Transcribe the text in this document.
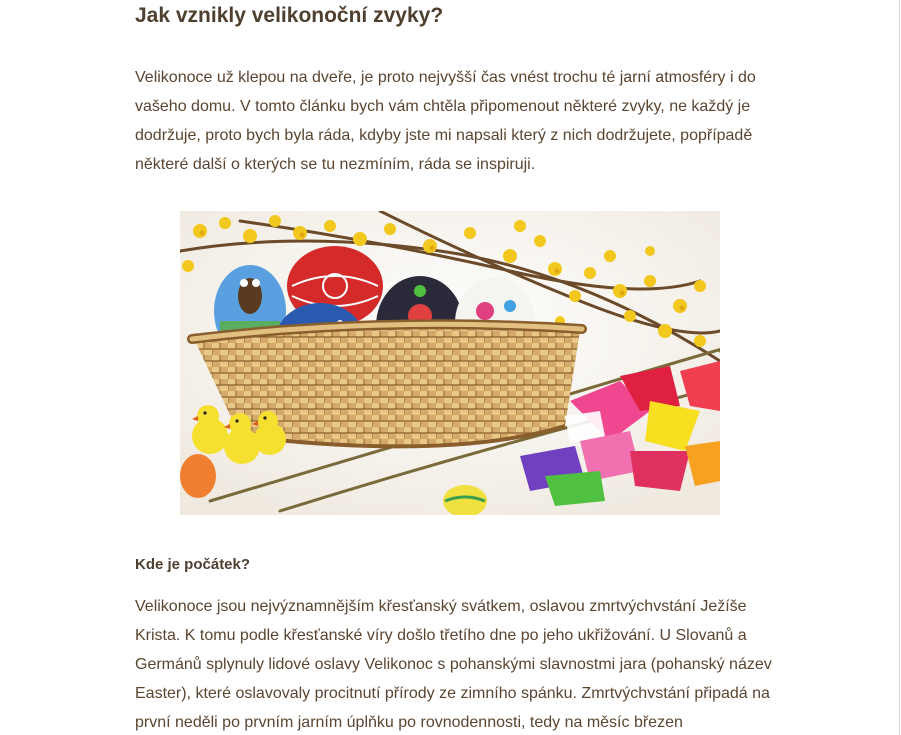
Jak vznikly velikonoční zvyky?

Velikonoce už klepou na dveře, je proto nejvyšší čas vnést trochu té jarní atmosféry i do vašeho domu. V tomto článku bych vám chtěla připomenout některé zvyky, ne každý je dodržuje, proto bych byla ráda, kdyby jste mi napsali který z nich dodržujete, popřípadě některé další o kterých se tu nezmíním, ráda se inspiruji.

Kde je počátek?

Velikonoce jsou nejvýznamnějším křesťanský svátkem, oslavou zmrtvýchvstání Ježíše Krista. K tomu podle křesťanské víry došlo třetího dne po jeho ukřižování. U Slovanů a Germánů splynuly lidové oslavy Velikonoc s pohanskými slavnostmi jara (pohanský název Easter), které oslavovaly procitnutí přírody ze zimního spánku. Zmrtvýchvstání připadá na první neděli po prvním jarním úplňku po rovnodennosti, tedy na měsíc březen
